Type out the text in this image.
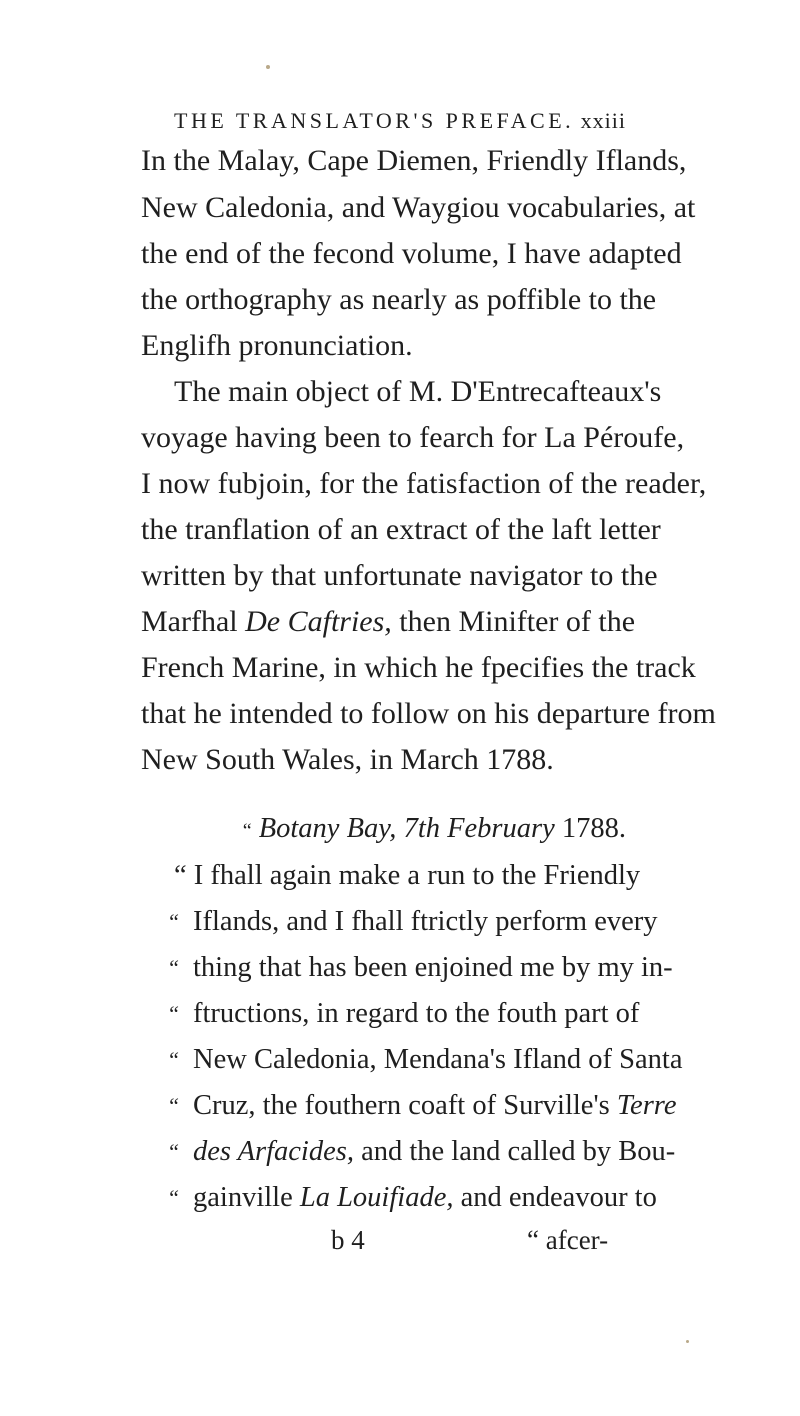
THE TRANSLATOR'S PREFACE. xxiii
In the Malay, Cape Diemen, Friendly Iflands,
New Caledonia, and Waygiou vocabularies, at
the end of the fecond volume, I have adapted
the orthography as nearly as poffible to the
Englifh pronunciation.
The main object of M. D'Entrecafteaux's
voyage having been to fearch for La Péroufe,
I now fubjoin, for the fatisfaction of the reader,
the tranflation of an extract of the laft letter
written by that unfortunate navigator to the
Marfhal De Caftries, then Minifter of the
French Marine, in which he fpecifies the track
that he intended to follow on his departure from
New South Wales, in March 1788.
“ Botany Bay, 7th February 1788.
“ I fhall again make a run to the Friendly
“ Iflands, and I fhall ftrictly perform every
“ thing that has been enjoined me by my in-
“ ftructions, in regard to the fouth part of
“ New Caledonia, Mendana's Ifland of Santa
“ Cruz, the fouthern coaft of Surville's Terre
“ des Arfacides, and the land called by Bou-
“ gainville La Louifiade, and endeavour to
b 4	“ afcer-
